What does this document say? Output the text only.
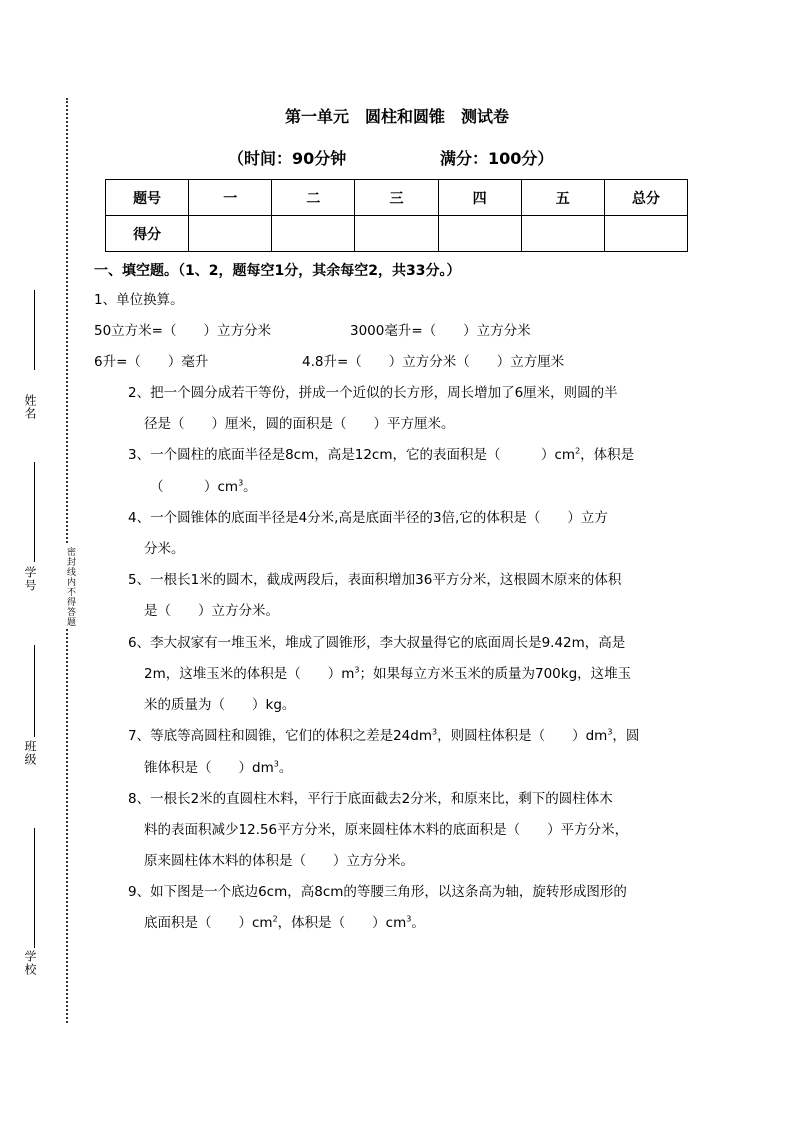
姓名
学号	密封线内不得答题
班级
学校
第一单元　圆柱和圆锥　测试卷
（时间：90分钟	满分：100分）
题号	一	二	三	四	五	总分
得分						
一、填空题。（1、2，题每空1分，其余每空2，共33分。）
1、单位换算。
50立方米=（　　）立方分米	3000毫升=（　　）立方分米
6升=（　　）毫升	4.8升=（　　）立方分米（　　）立方厘米
2、把一个圆分成若干等份，拼成一个近似的长方形，周长增加了6厘米，则圆的半
径是（　　）厘米，圆的面积是（　　）平方厘米。
3、一个圆柱的底面半径是8cm，高是12cm，它的表面积是（　　　）$cm^2$，体积是
（　　　）$cm^3$。
4、一个圆锥体的底面半径是4分米,高是底面半径的3倍,它的体积是（　　）立方
分米。
5、一根长1米的圆木，截成两段后，表面积增加36平方分米，这根圆木原来的体积
是（　　）立方分米。
6、李大叔家有一堆玉米，堆成了圆锥形，李大叔量得它的底面周长是9.42m，高是
2m，这堆玉米的体积是（　　）$m^3$；如果每立方米玉米的质量为700kg，这堆玉
米的质量为（　　）kg。
7、等底等高圆柱和圆锥，它们的体积之差是$24dm^3$，则圆柱体积是（　　）$dm^3$，圆
锥体积是（　　）$dm^3$。
8、一根长2米的直圆柱木料，平行于底面截去2分米，和原来比，剩下的圆柱体木
料的表面积减少12.56平方分米，原来圆柱体木料的底面积是（　　）平方分米，
原来圆柱体木料的体积是（　　）立方分米。
9、如下图是一个底边6cm，高8cm的等腰三角形，以这条高为轴，旋转形成图形的
底面积是（　　）$cm^2$，体积是（　　）$cm^3$。
